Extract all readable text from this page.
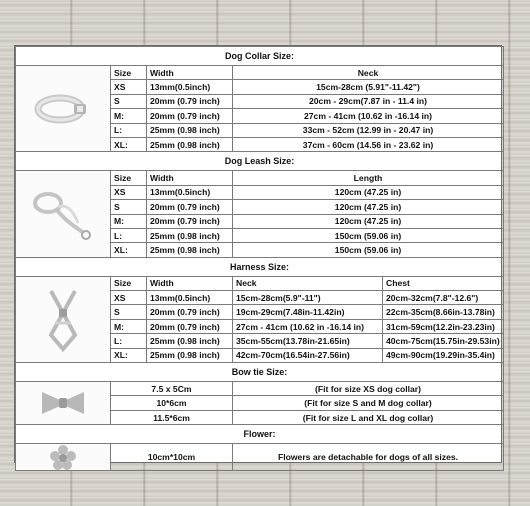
Dog Collar Size:				

	Size	Width	Neck	
	XS	13mm(0.5inch)	15cm-28cm (5.91"-11.42")	
	S	20mm (0.79 inch)	20cm - 29cm(7.87 in - 11.4 in)	
	M:	20mm (0.79 inch)	27cm - 41cm (10.62 in -16.14 in)	
	L:	25mm (0.98 inch)	33cm - 52cm (12.99 in - 20.47 in)	
	XL:	25mm (0.98 inch)	37cm - 60cm (14.56 in - 23.62 in)	
Dog Leash Size:				

	Size	Width	Length	
	XS	13mm(0.5inch)	120cm (47.25 in)	
	S	20mm (0.79 inch)	120cm (47.25 in)	
	M:	20mm (0.79 inch)	120cm (47.25 in)	
	L:	25mm (0.98 inch)	150cm (59.06 in)	
	XL:	25mm (0.98 inch)	150cm (59.06 in)	
Harness Size:				

	Size	Width	Neck	Chest
	XS	13mm(0.5inch)	15cm-28cm(5.9"-11")	20cm-32cm(7.8"-12.6")
	S	20mm (0.79 inch)	19cm-29cm(7.48in-11.42in)	22cm-35cm(8.66in-13.78in)
	M:	20mm (0.79 inch)	27cm - 41cm (10.62 in -16.14 in)	31cm-59cm(12.2in-23.23in)
	L:	25mm (0.98 inch)	35cm-55cm(13.78in-21.65in)	40cm-75cm(15.75in-29.53in)
	XL:	25mm (0.98 inch)	42cm-70cm(16.54in-27.56in)	49cm-90cm(19.29in-35.4in)
Bow tie Size:				

	7.5 x 5Cm		(Fit for size XS dog collar)	
	10*6cm		(Fit for size S and M dog collar)	
	11.5*6cm		(Fit for size L and XL dog collar)	
Flower:				

	10cm*10cm		Flowers are detachable for dogs of all sizes.	
